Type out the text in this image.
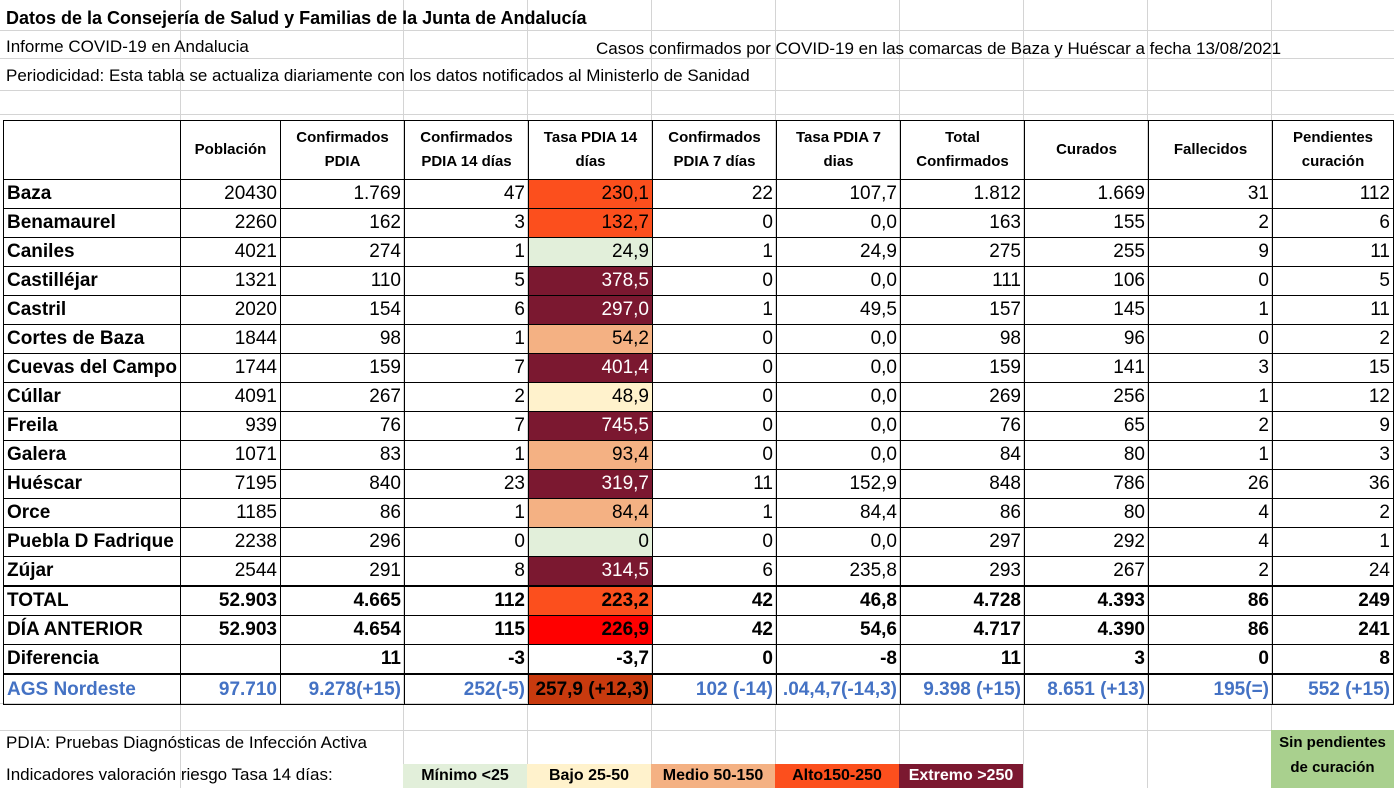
Datos de la Consejería de Salud y Familias de la Junta de Andalucía
Informe COVID-19 en Andalucia	Casos confirmados por COVID-19 en las comarcas de Baza y Huéscar a fecha 13/08/2021
Periodicidad: Esta tabla se actualiza diariamente con los datos notificados al Ministerlo de Sanidad
	Población	Confirmados PDIA	Confirmados PDIA 14 días	Tasa PDIA 14 días	Confirmados PDIA 7 días	Tasa PDIA 7 dias	Total Confirmados	Curados	Fallecidos	Pendientes curación
Baza	20430	1.769	47	230,1	22	107,7	1.812	1.669	31	112
Benamaurel	2260	162	3	132,7	0	0,0	163	155	2	6
Caniles	4021	274	1	24,9	1	24,9	275	255	9	11
Castilléjar	1321	110	5	378,5	0	0,0	111	106	0	5
Castril	2020	154	6	297,0	1	49,5	157	145	1	11
Cortes de Baza	1844	98	1	54,2	0	0,0	98	96	0	2
Cuevas del Campo	1744	159	7	401,4	0	0,0	159	141	3	15
Cúllar	4091	267	2	48,9	0	0,0	269	256	1	12
Freila	939	76	7	745,5	0	0,0	76	65	2	9
Galera	1071	83	1	93,4	0	0,0	84	80	1	3
Huéscar	7195	840	23	319,7	11	152,9	848	786	26	36
Orce	1185	86	1	84,4	1	84,4	86	80	4	2
Puebla D Fadrique	2238	296	0	0	0	0,0	297	292	4	1
Zújar	2544	291	8	314,5	6	235,8	293	267	2	24
TOTAL	52.903	4.665	112	223,2	42	46,8	4.728	4.393	86	249
DÍA ANTERIOR	52.903	4.654	115	226,9	42	54,6	4.717	4.390	86	241
Diferencia		11	-3	-3,7	0	-8	11	3	0	8
AGS Nordeste	97.710	9.278(+15)	252(-5)	257,9 (+12,3)	102 (-14)	.04,4,7(-14,3)	9.398 (+15)	8.651 (+13)	195(=)	552 (+15)
PDIA: Pruebas Diagnósticas de Infección Activa
Indicadores valoración riesgo Tasa 14 días:	Mínimo <25	Bajo 25-50	Medio 50-150	Alto150-250	Extremo >250
Sin pendientes de curación
